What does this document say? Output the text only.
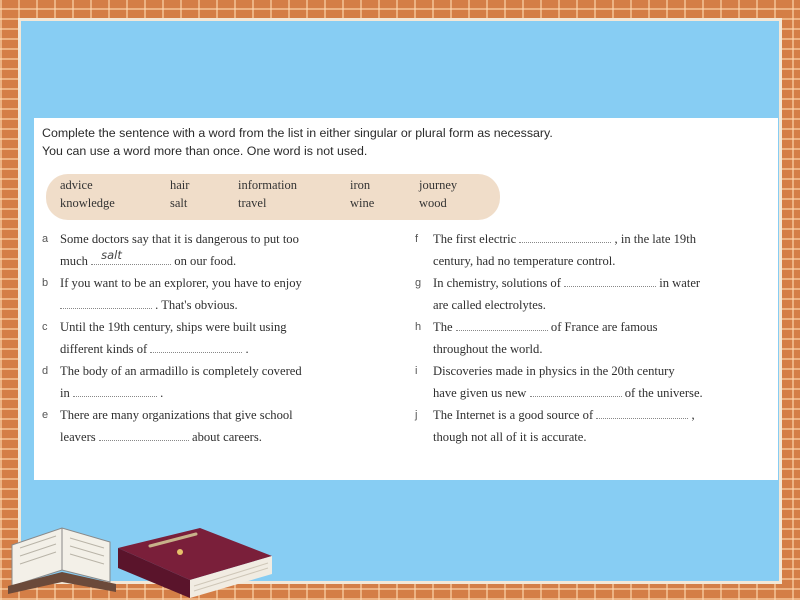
Complete the sentence with a word from the list in either singular or plural form as necessary.
You can use a word more than once. One word is not used.
advice	hair	information	iron	journey
knowledge	salt	travel	wine	wood
a Some doctors say that it is dangerous to put too
much salt	on our food.
b If you want to be an explorer, you have to enjoy
. That's obvious.
c Until the 19th century, ships were built using
different kinds of	.
d The body of an armadillo is completely covered
in	.
e There are many organizations that give school
leavers	about careers.
f	The first electric	, in the late 19th
century, had no temperature control.
g In chemistry, solutions of	in water
are called electrolytes.
h The	of France are famous
throughout the world.
i	Discoveries made in physics in the 20th century
have given us new	of the universe.
j	The Internet is a good source of	,
though not all of it is accurate.
